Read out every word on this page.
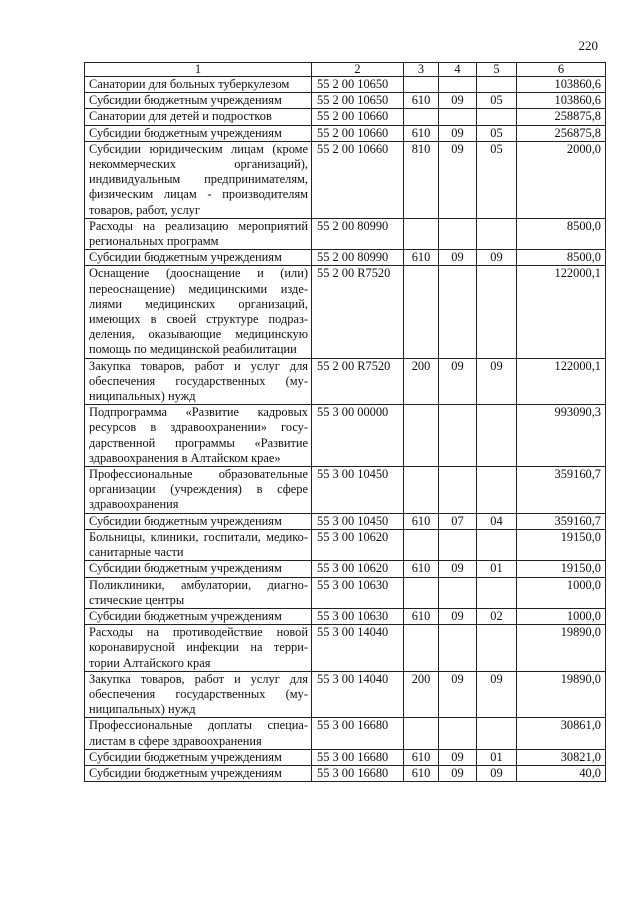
220
1	2	3	4	5	6
Санатории для больных туберкулезом	55 2 00 10650				103860,6
Субсидии бюджетным учреждениям	55 2 00 10650	610	09	05	103860,6
Санатории для детей и подростков	55 2 00 10660				258875,8
Субсидии бюджетным учреждениям	55 2 00 10660	610	09	05	256875,8
Субсидии юридическим лицам (кроме некоммерческих организаций), индивидуальным предпринимателям, физическим лицам - производителям товаров, работ, услуг	55 2 00 10660	810	09	05	2000,0
Расходы на реализацию мероприятий региональных программ	55 2 00 80990				8500,0
Субсидии бюджетным учреждениям	55 2 00 80990	610	09	09	8500,0
Оснащение (дооснащение и (или) переоснащение) медицинскими изделиями медицинских организаций, имеющих в своей структуре подразделения, оказывающие медицинскую помощь по медицинской реабилитации	55 2 00 R7520				122000,1
Закупка товаров, работ и услуг для обеспечения государственных (муниципальных) нужд	55 2 00 R7520	200	09	09	122000,1
Подпрограмма «Развитие кадровых ресурсов в здравоохранении» государственной программы «Развитие здравоохранения в Алтайском крае»	55 3 00 00000				993090,3
Профессиональные образовательные организации (учреждения) в сфере здравоохранения	55 3 00 10450				359160,7
Субсидии бюджетным учреждениям	55 3 00 10450	610	07	04	359160,7
Больницы, клиники, госпитали, медико-санитарные части	55 3 00 10620				19150,0
Субсидии бюджетным учреждениям	55 3 00 10620	610	09	01	19150,0
Поликлиники, амбулатории, диагностические центры	55 3 00 10630				1000,0
Субсидии бюджетным учреждениям	55 3 00 10630	610	09	02	1000,0
Расходы на противодействие новой коронавирусной инфекции на территории Алтайского края	55 3 00 14040				19890,0
Закупка товаров, работ и услуг для обеспечения государственных (муниципальных) нужд	55 3 00 14040	200	09	09	19890,0
Профессиональные доплаты специалистам в сфере здравоохранения	55 3 00 16680				30861,0
Субсидии бюджетным учреждениям	55 3 00 16680	610	09	01	30821,0
Субсидии бюджетным учреждениям	55 3 00 16680	610	09	09	40,0
